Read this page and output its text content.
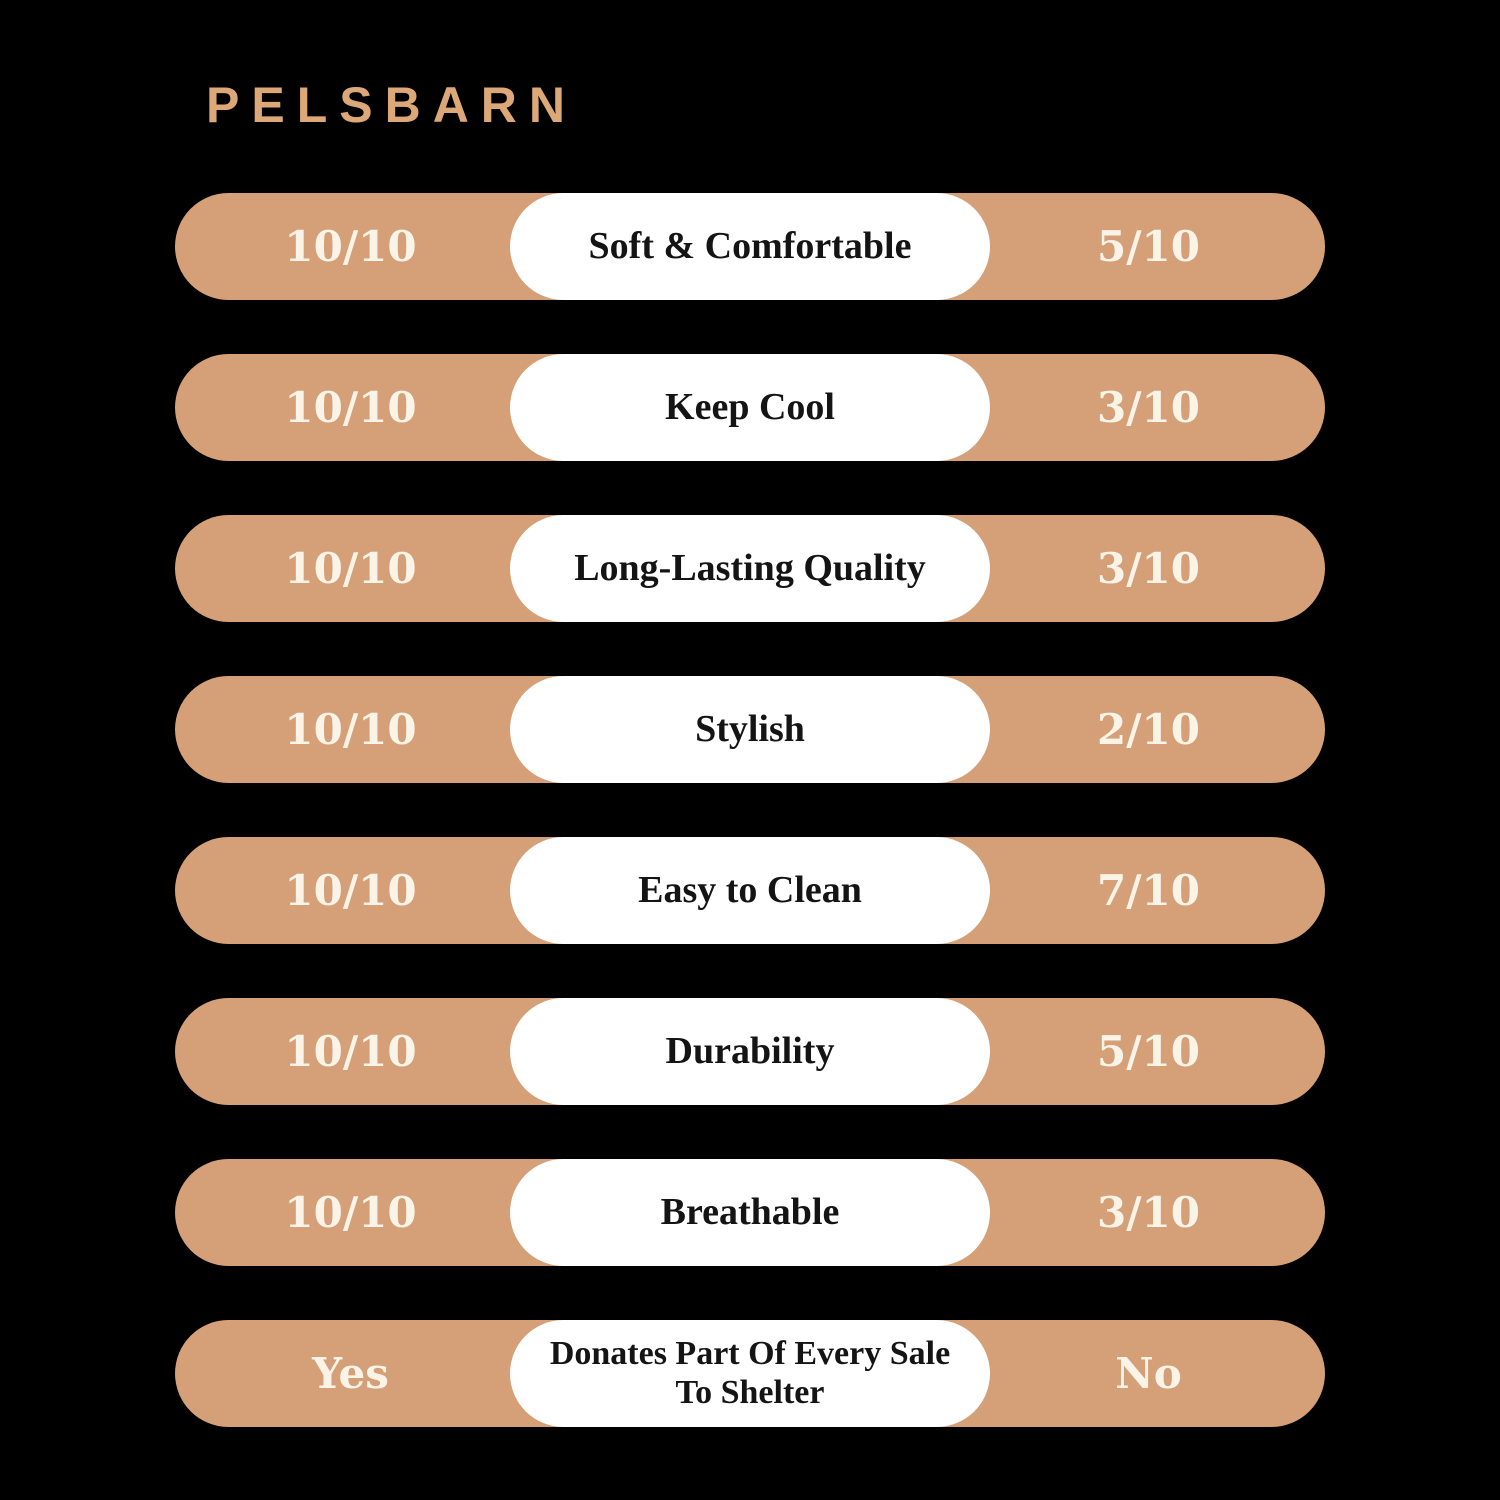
PELSBARN
10/10	Soft & Comfortable	5/10
10/10	Keep Cool	3/10
10/10	Long-Lasting Quality	3/10
10/10	Stylish	2/10
10/10	Easy to Clean	7/10
10/10	Durability	5/10
10/10	Breathable	3/10
Yes	Donates Part Of Every Sale To Shelter	No
